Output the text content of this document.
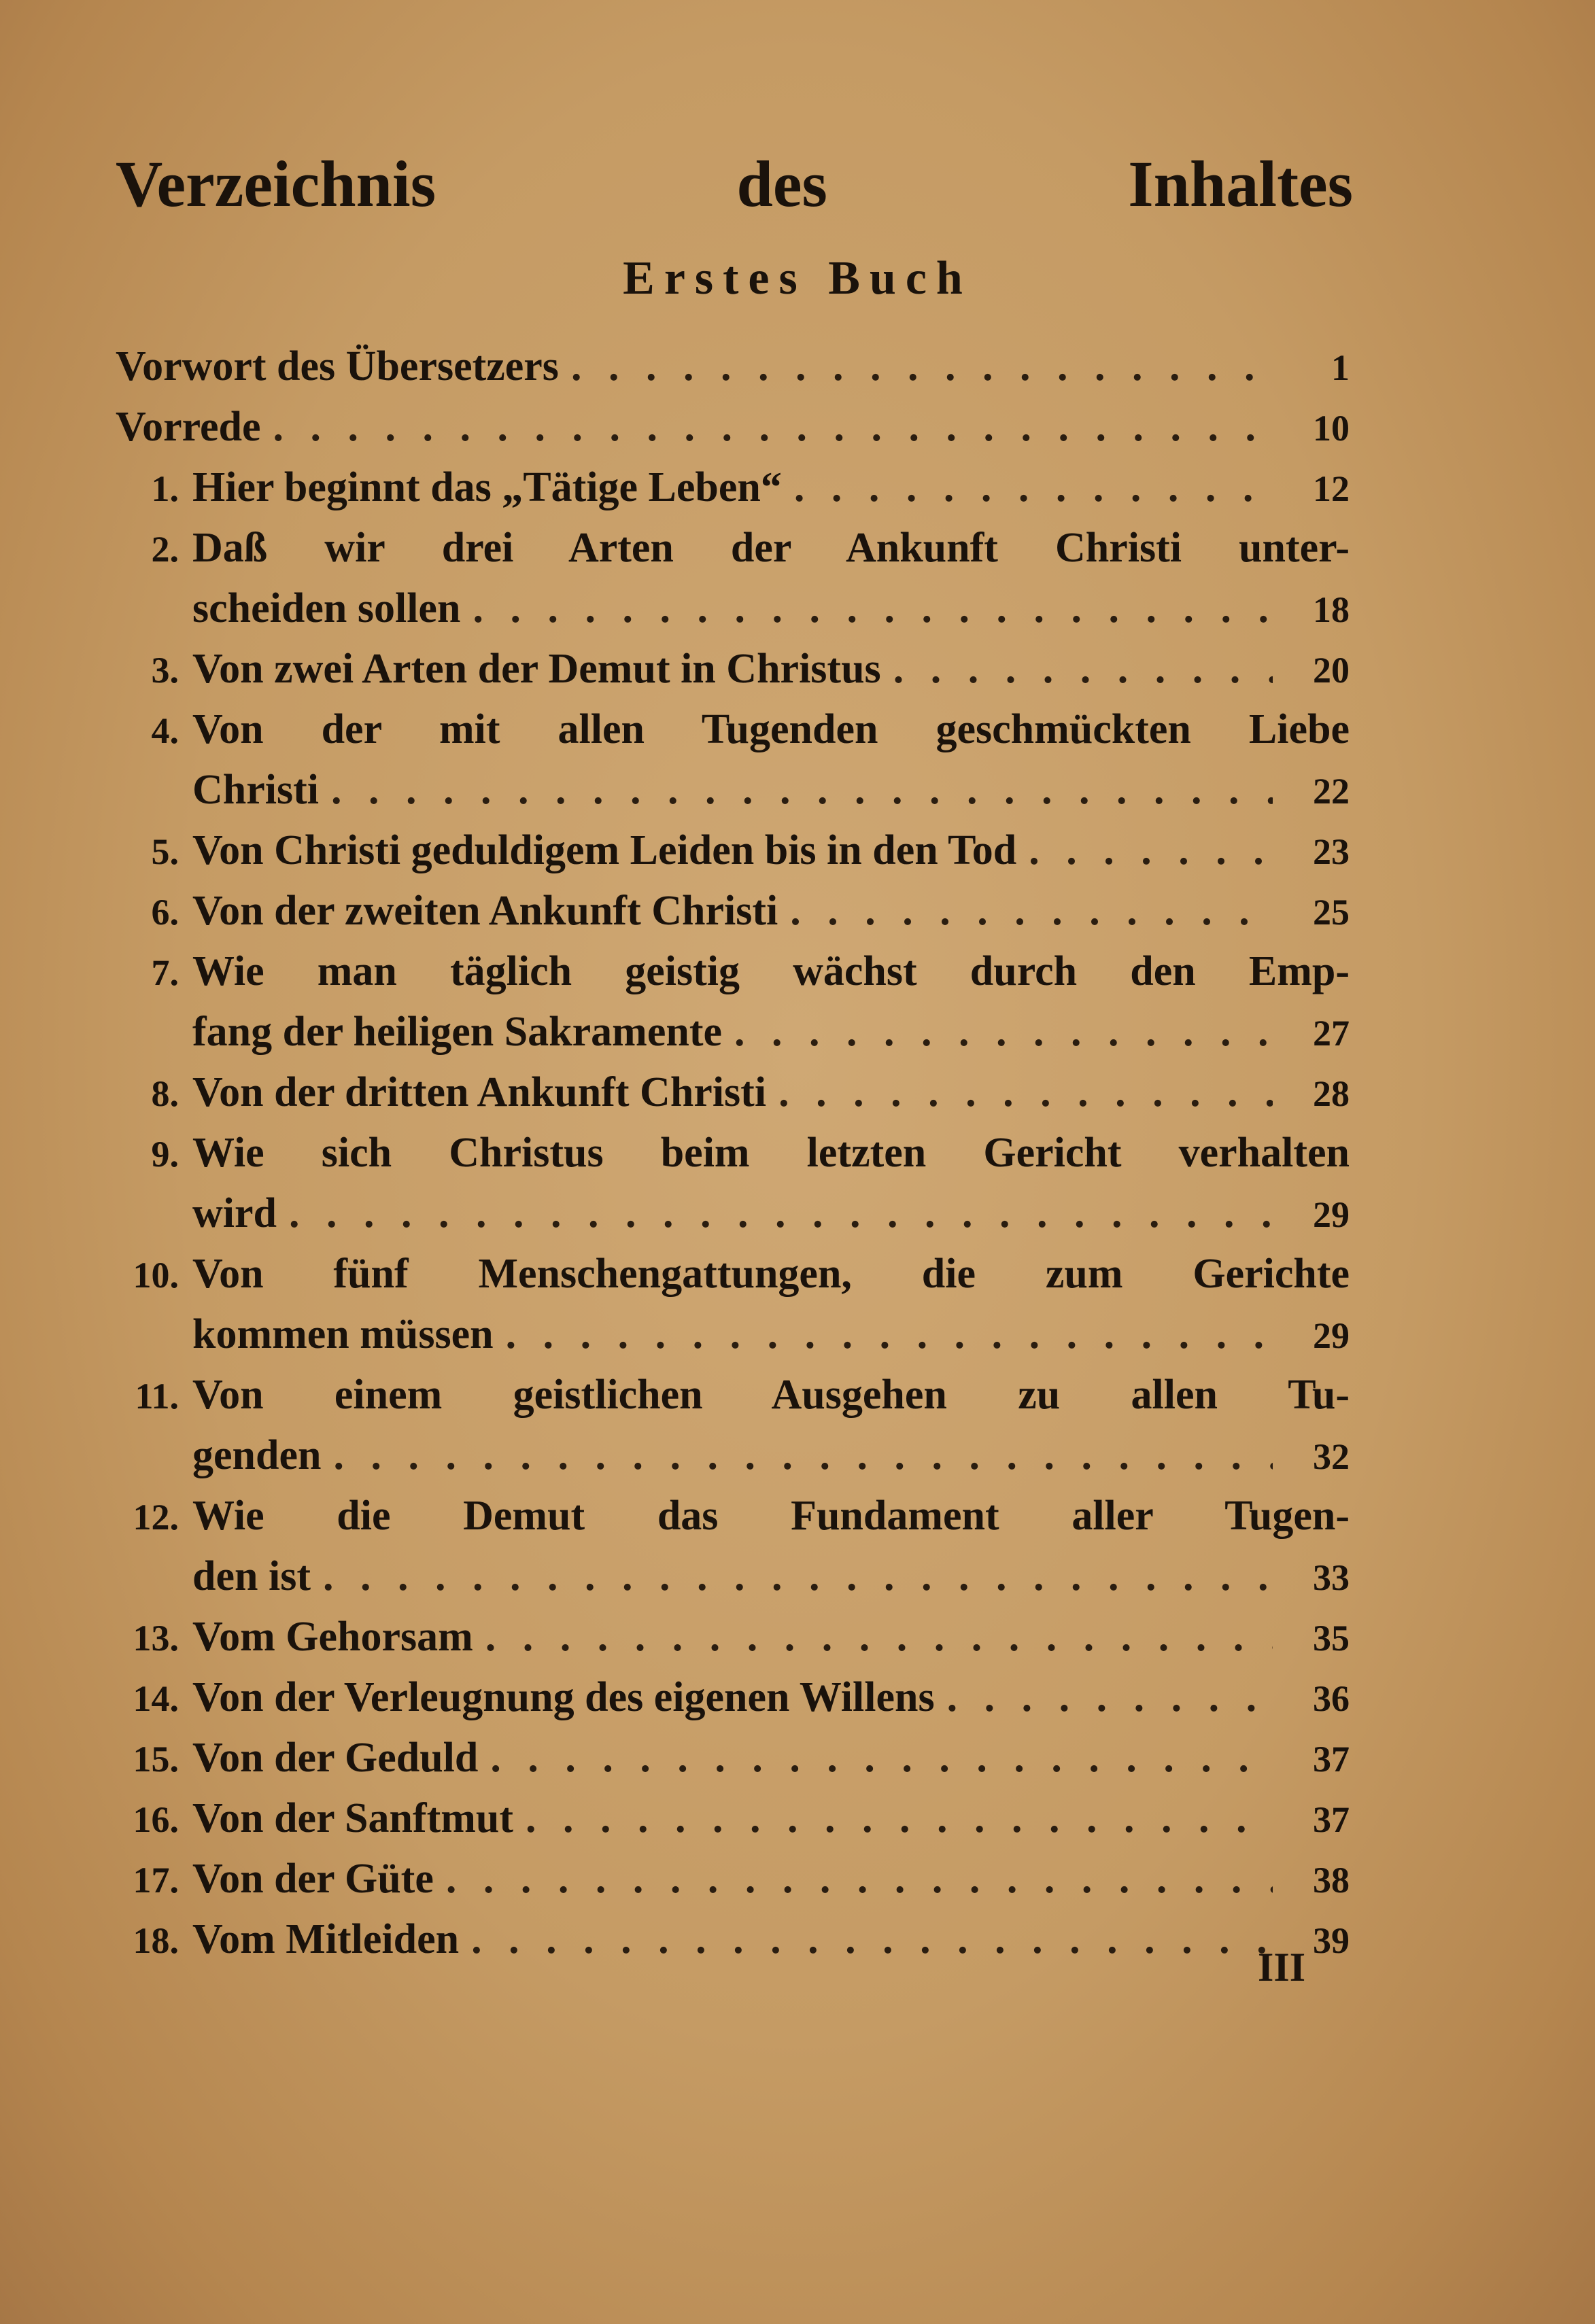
Verzeichnis	des	Inhaltes
Erstes Buch
Vorwort des Übersetzers . . .	1
Vorrede . . .	10
1. Hier beginnt das „Tätige Leben“ . . .	12
2. Daß wir drei Arten der Ankunft Christi unter-
scheiden sollen . . .	18
3. Von zwei Arten der Demut in Christus . . .	20
4. Von der mit allen Tugenden geschmückten Liebe
Christi . . .	22
5. Von Christi geduldigem Leiden bis in den Tod . . .	23
6. Von der zweiten Ankunft Christi . . .	25
7. Wie man täglich geistig wächst durch den Emp-
fang der heiligen Sakramente . . .	27
8. Von der dritten Ankunft Christi . . .	28
9. Wie sich Christus beim letzten Gericht verhalten
wird . . .	29
10. Von fünf Menschengattungen, die zum Gerichte
kommen müssen . . .	29
11. Von einem geistlichen Ausgehen zu allen Tu-
genden . . .	32
12. Wie die Demut das Fundament aller Tugen-
den ist . . .	33
13. Vom Gehorsam . . .	35
14. Von der Verleugnung des eigenen Willens . . .	36
15. Von der Geduld . . .	37
16. Von der Sanftmut . . .	37
17. Von der Güte . . .	38
18. Vom Mitleiden . . .	39
III
